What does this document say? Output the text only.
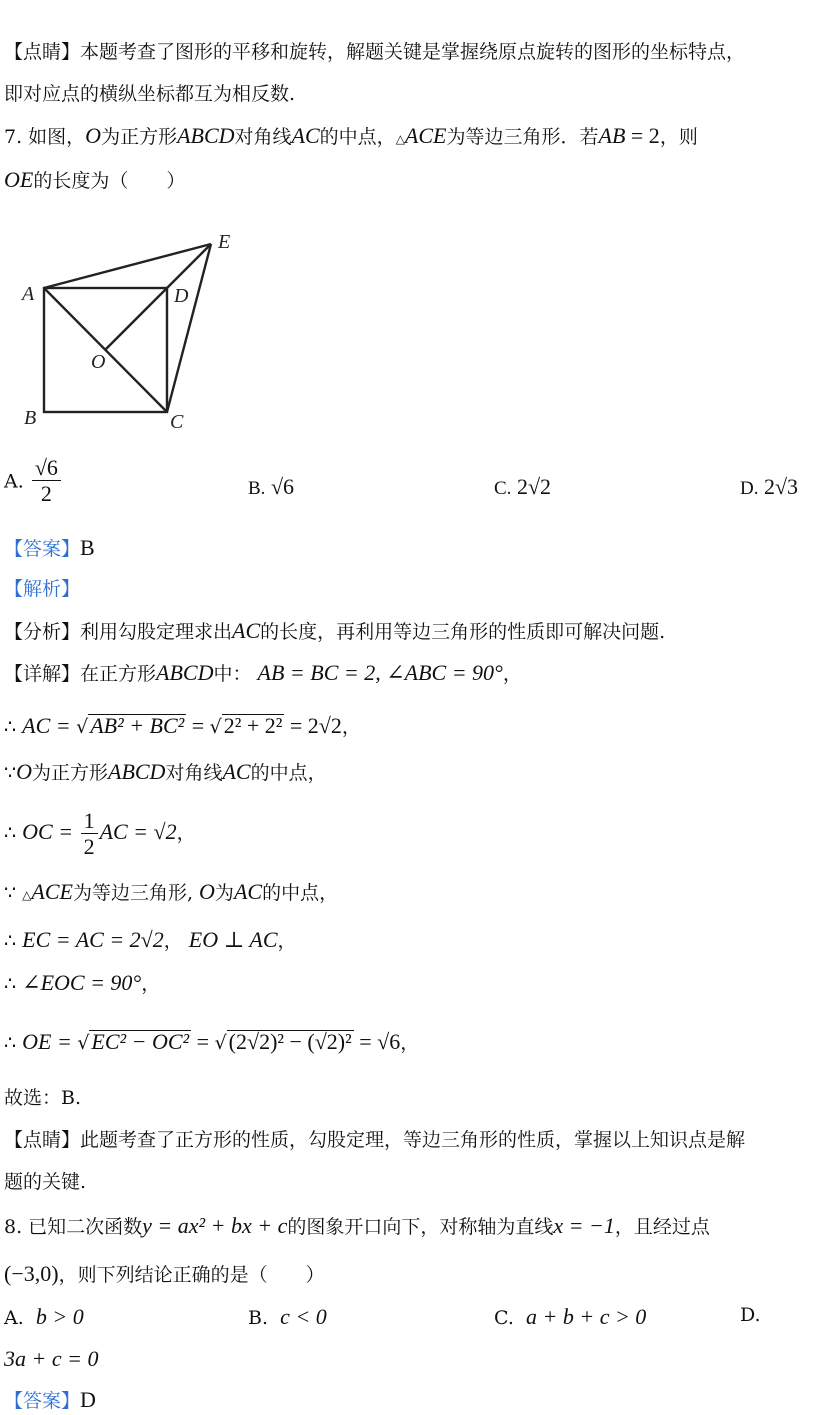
【点睛】本题考查了图形的平移和旋转，解题关键是掌握绕原点旋转的图形的坐标特点，
即对应点的横纵坐标都互为相反数.
7. 如图，O为正方形ABCD对角线AC的中点，△ACE为等边三角形．若AB = 2，则
OE的长度为（　　）
A	D
E
O
B	C
A. $\frac{√6}{2}$	B. √6	C. 2√2	D. 2√3
【答案】B
【解析】
【分析】利用勾股定理求出AC的长度，再利用等边三角形的性质即可解决问题.
【详解】在正方形ABCD中： AB = BC = 2, ∠ABC = 90°，
∴ AC = √AB² + BC² = √2² + 2² = 2√2，
∵O为正方形ABCD对角线AC的中点，
∴ OC = $\frac{1}{2}$ AC = √2，
∵ △ACE为等边三角形, O为AC的中点，
∴ EC = AC = 2√2， EO ⊥ AC，
∴ ∠EOC = 90°，
∴ OE = √EC² − OC² = √(2√2)² − (√2)² = √6，
故选：B.
【点睛】此题考查了正方形的性质，勾股定理，等边三角形的性质，掌握以上知识点是解
题的关键.
8. 已知二次函数y = ax² + bx + c的图象开口向下，对称轴为直线x = −1，且经过点
(−3,0)，则下列结论正确的是（　　）
A. b > 0	B. c < 0	C. a + b + c > 0	D.
3a + c = 0
【答案】D
